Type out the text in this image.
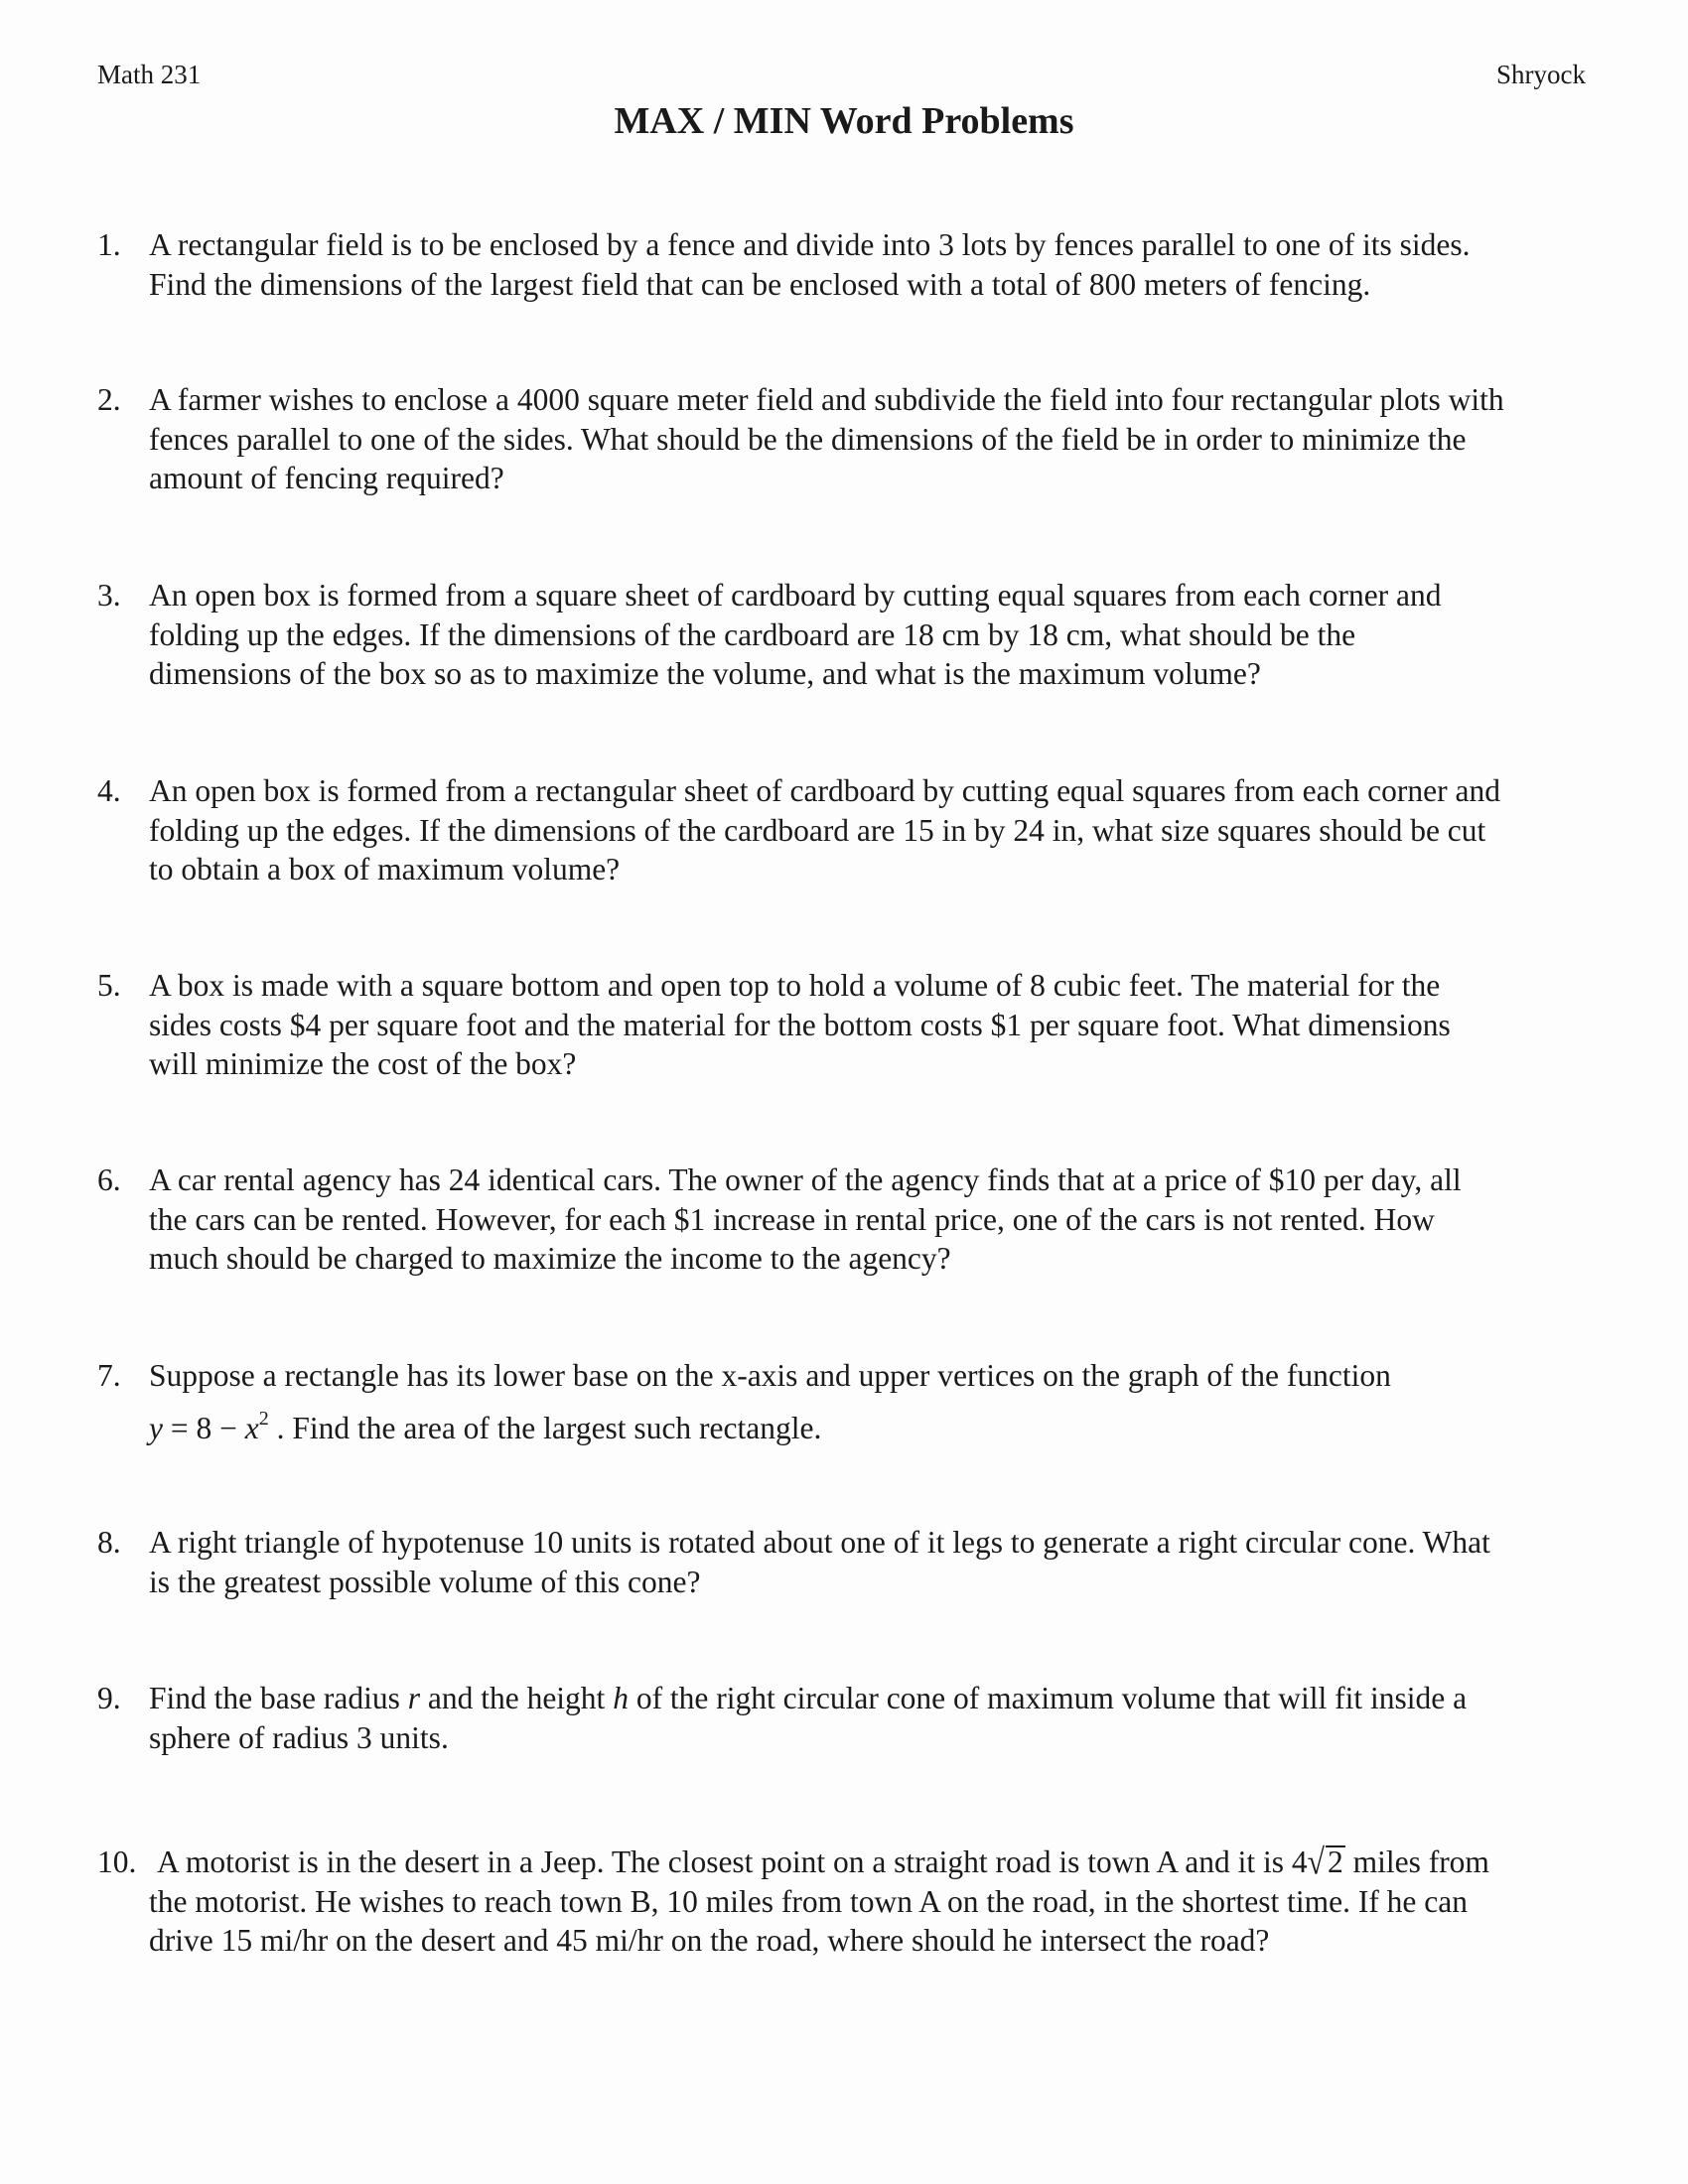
Math 231	Shryock
MAX / MIN Word Problems
1. A rectangular field is to be enclosed by a fence and divide into 3 lots by fences parallel to one of its sides.
Find the dimensions of the largest field that can be enclosed with a total of 800 meters of fencing.
2. A farmer wishes to enclose a 4000 square meter field and subdivide the field into four rectangular plots with
fences parallel to one of the sides. What should be the dimensions of the field be in order to minimize the
amount of fencing required?
3. An open box is formed from a square sheet of cardboard by cutting equal squares from each corner and
folding up the edges. If the dimensions of the cardboard are 18 cm by 18 cm, what should be the
dimensions of the box so as to maximize the volume, and what is the maximum volume?
4. An open box is formed from a rectangular sheet of cardboard by cutting equal squares from each corner and
folding up the edges. If the dimensions of the cardboard are 15 in by 24 in, what size squares should be cut
to obtain a box of maximum volume?
5. A box is made with a square bottom and open top to hold a volume of 8 cubic feet. The material for the
sides costs $4 per square foot and the material for the bottom costs $1 per square foot. What dimensions
will minimize the cost of the box?
6. A car rental agency has 24 identical cars. The owner of the agency finds that at a price of $10 per day, all
the cars can be rented. However, for each $1 increase in rental price, one of the cars is not rented. How
much should be charged to maximize the income to the agency?
7. Suppose a rectangle has its lower base on the x-axis and upper vertices on the graph of the function
$y = 8 - x^2$ . Find the area of the largest such rectangle.
8. A right triangle of hypotenuse 10 units is rotated about one of it legs to generate a right circular cone. What
is the greatest possible volume of this cone?
9. Find the base radius r and the height h of the right circular cone of maximum volume that will fit inside a
sphere of radius 3 units.
10. A motorist is in the desert in a Jeep. The closest point on a straight road is town A and it is 4√2 miles from
the motorist. He wishes to reach town B, 10 miles from town A on the road, in the shortest time. If he can
drive 15 mi/hr on the desert and 45 mi/hr on the road, where should he intersect the road?
